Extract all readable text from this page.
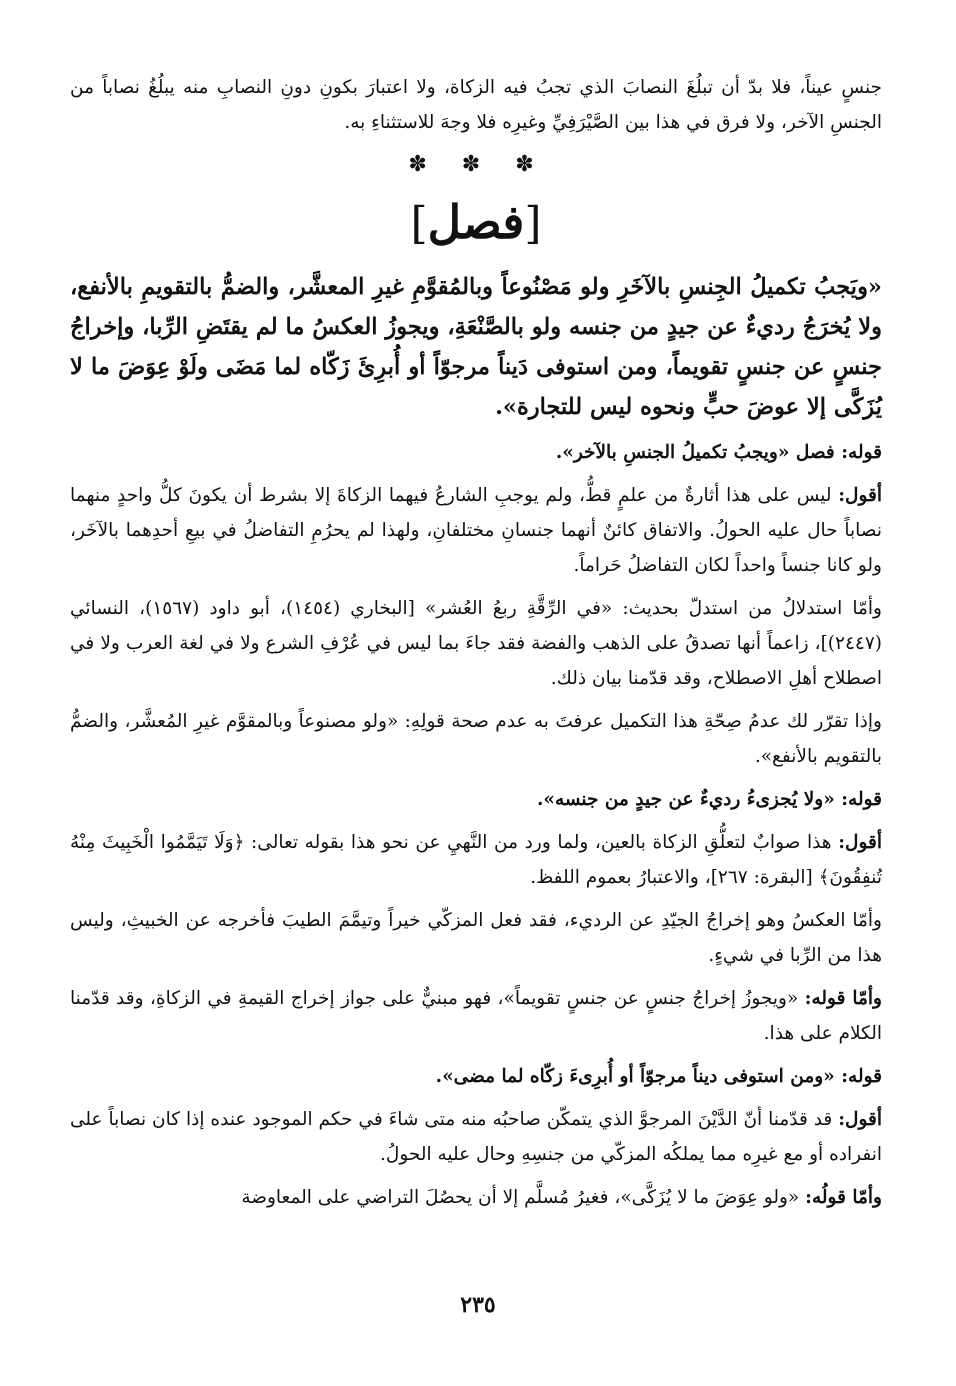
جنسٍ عيناً، فلا بدّ أن تبلُغَ النصابَ الذي تجبُ فيه الزكاة، ولا اعتبارَ بكونِ دونِ النصابِ منه يبلُغُ نصاباً من الجنسِ الآخر، ولا فرق في هذا بين الصَّيْرَفِيِّ وغيرِه فلا وجهَ للاستثناءِ به.

✽ ✽ ✽
[فصل]

«ويَجبُ تكميلُ الجِنسِ بالآخَرِ ولو مَصْنُوعاً وبالمُقوَّمِ غيرِ المعشَّر، والضمُّ بالتقويمِ بالأنفع، ولا يُخرَجُ رديءٌ عن جيدٍ من جنسه ولو بالصَّنْعَةِ، ويجوزُ العكسُ ما لم يقتَضِ الرِّبا، وإخراجُ جنسٍ عن جنسٍ تقويماً، ومن استوفى دَيناً مرجوّاً أو أُبرِئَ زَكّاه لما مَضَى ولَوْ عِوَضَ ما لا يُزَكَّى إلا عوضَ حبٍّ ونحوه ليس للتجارة».

قوله: فصل «ويجبُ تكميلُ الجنسِ بالآخر».

أقول: ليس على هذا أثارةٌ من علمٍ قطُّ، ولم يوجبِ الشارعُ فيهما الزكاةَ إلا بشرط أن يكونَ كلُّ واحدٍ منهما نصاباً حال عليه الحولُ. والاتفاق كائنٌ أنهما جنسانِ مختلفانِ، ولهذا لم يحرُمِ التفاضلُ في بيعِ أحدِهما بالآخَر، ولو كانا جنساً واحداً لكان التفاضلُ حَراماً.

وأمّا استدلالُ من استدلّ بحديث: «في الرِّقَّةِ ربعُ العُشر» [البخاري (١٤٥٤)، أبو داود (١٥٦٧)، النسائي (٢٤٤٧)]، زاعماً أنها تصدقُ على الذهب والفضة فقد جاءَ بما ليس في عُرْفِ الشرع ولا في لغة العرب ولا في اصطلاح أهلِ الاصطلاح، وقد قدّمنا بيان ذلك.

وإذا تقرّر لك عدمُ صِحّةِ هذا التكميل عرفتَ به عدم صحة قولِهِ: «ولو مصنوعاً وبالمقوَّم غيرِ المُعشَّر، والضمُّ بالتقويم بالأنفع».

قوله: «ولا يُجزىءُ رديءٌ عن جيدٍ من جنسه».

أقول: هذا صوابٌ لتعلُّقِ الزكاة بالعين، ولما ورد من النَّهيِ عن نحو هذا بقوله تعالى: ﴿وَلَا تَيَمَّمُوا الْخَبِيثَ مِنْهُ تُنفِقُونَ﴾ [البقرة: ٢٦٧]، والاعتبارُ بعموم اللفظ.

وأمّا العكسُ وهو إخراجُ الجيّدِ عن الرديء، فقد فعل المزكّي خيراً وتيمَّمَ الطيبَ فأخرجه عن الخبيثِ، وليس هذا من الرِّبا في شيءٍ.

وأمّا قوله: «ويجوزُ إخراجُ جنسٍ عن جنسٍ تقويماً»، فهو مبنيٌّ على جواز إخراج القيمةِ في الزكاةِ، وقد قدّمنا الكلام على هذا.

قوله: «ومن استوفى ديناً مرجوّاً أو أُبرِىءَ زكّاه لما مضى».

أقول: قد قدّمنا أنّ الدَّيْنَ المرجوَّ الذي يتمكّن صاحبُه منه متى شاءَ في حكم الموجود عنده إذا كان نصاباً على انفراده أو مع غيرِه مما يملكُه المزكّي من جنسِهِ وحال عليه الحولُ.

وأمّا قولُه: «ولو عِوَضَ ما لا يُزَكَّى»، فغيرُ مُسلَّم إلا أن يحصُلَ التراضي على المعاوضة

٢٣٥
